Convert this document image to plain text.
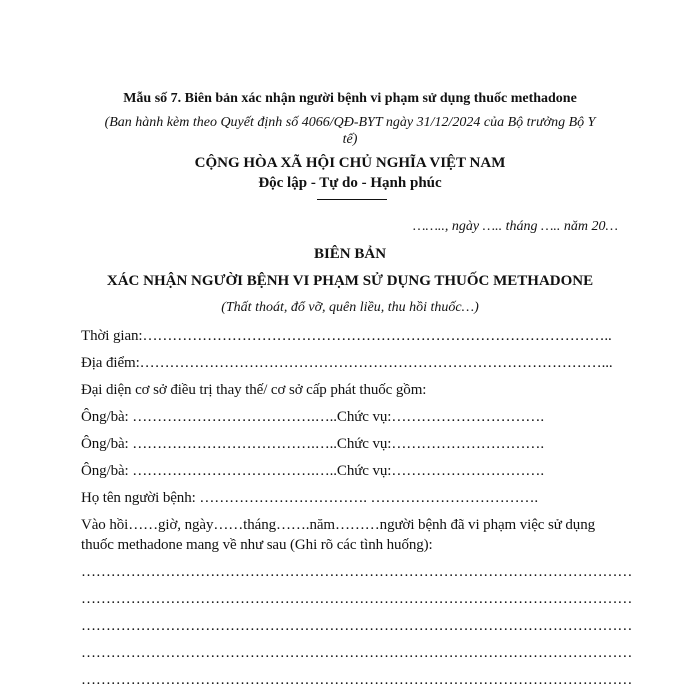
Mẫu số 7. Biên bản xác nhận người bệnh vi phạm sử dụng thuốc methadone
(Ban hành kèm theo Quyết định số 4066/QĐ-BYT ngày 31/12/2024 của Bộ trưởng Bộ Y
tế)
CỘNG HÒA XÃ HỘI CHỦ NGHĨA VIỆT NAM
Độc lập - Tự do - Hạnh phúc
…….., ngày ….. tháng ….. năm 20…
BIÊN BẢN
XÁC NHẬN NGƯỜI BỆNH VI PHẠM SỬ DỤNG THUỐC METHADONE
(Thất thoát, đổ vỡ, quên liều, thu hồi thuốc…)
Thời gian:…………………………………………………………………………………..
Địa điểm:…………………………………………………………………………………...
Đại diện cơ sở điều trị thay thế/ cơ sở cấp phát thuốc gồm:
Ông/bà: ……………………………….…..Chức vụ:………………………….
Ông/bà: ……………………………….…..Chức vụ:………………………….
Ông/bà: ……………………………….…..Chức vụ:………………………….
Họ tên người bệnh: ……………………………. …………………………….
Vào hồi……giờ, ngày……tháng…….năm………người bệnh đã vi phạm việc sử dụng
thuốc methadone mang về như sau (Ghi rõ các tình huống):
…………………………………………………………………………………………………
…………………………………………………………………………………………………
…………………………………………………………………………………………………
…………………………………………………………………………………………………
…………………………………………………………………………………………………
